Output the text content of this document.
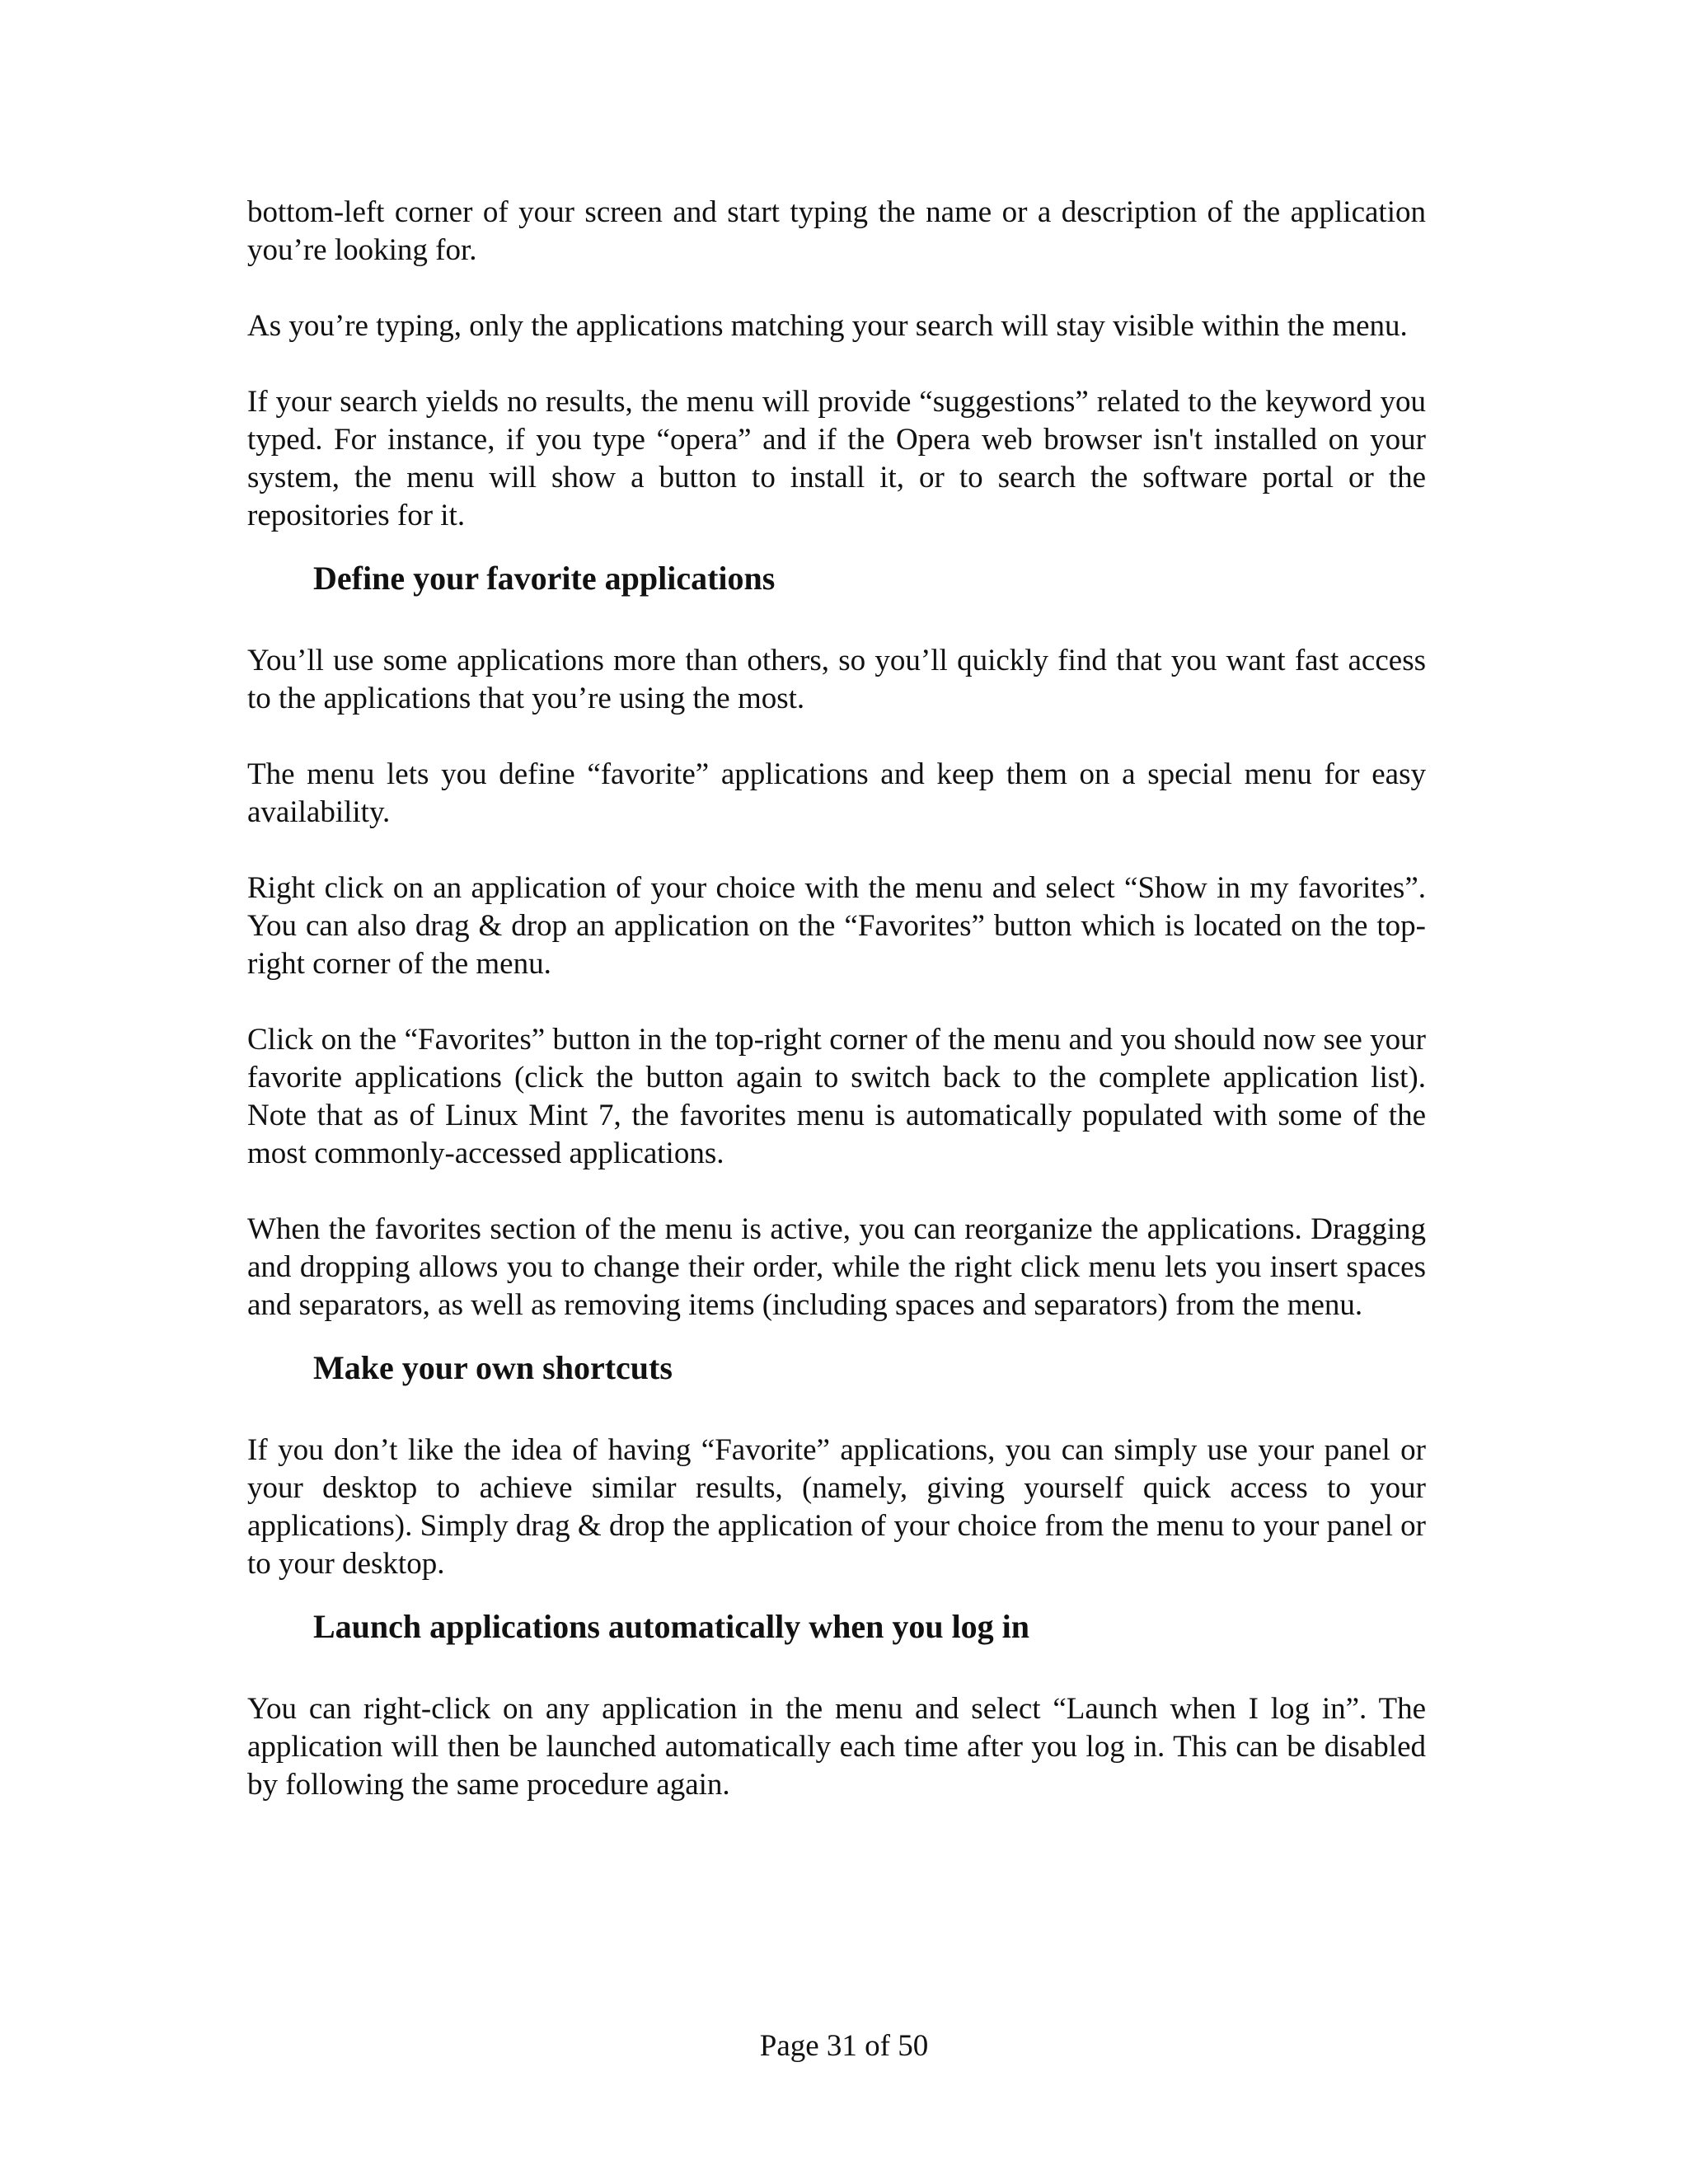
bottom-left corner of your screen and start typing the name or a description of the application you’re looking for.

As you’re typing, only the applications matching your search will stay visible within the menu.

If your search yields no results, the menu will provide “suggestions” related to the keyword you typed. For instance, if you type “opera” and if the Opera web browser isn't installed on your system, the menu will show a button to install it, or to search the software portal or the repositories for it.

Define your favorite applications

You’ll use some applications more than others, so you’ll quickly find that you want fast access to the applications that you’re using the most.

The menu lets you define “favorite” applications and keep them on a special menu for easy availability.

Right click on an application of your choice with the menu and select “Show in my favorites”. You can also drag & drop an application on the “Favorites” button which is located on the top-right corner of the menu.

Click on the “Favorites” button in the top-right corner of the menu and you should now see your favorite applications (click the button again to switch back to the complete application list). Note that as of Linux Mint 7, the favorites menu is automatically populated with some of the most commonly-accessed applications.

When the favorites section of the menu is active, you can reorganize the applications. Dragging and dropping allows you to change their order, while the right click menu lets you insert spaces and separators, as well as removing items (including spaces and separators) from the menu.

Make your own shortcuts

If you don’t like the idea of having “Favorite” applications, you can simply use your panel or your desktop to achieve similar results, (namely, giving yourself quick access to your applications). Simply drag & drop the application of your choice from the menu to your panel or to your desktop.

Launch applications automatically when you log in

You can right-click on any application in the menu and select “Launch when I log in”. The application will then be launched automatically each time after you log in. This can be disabled by following the same procedure again.

Page 31 of 50
